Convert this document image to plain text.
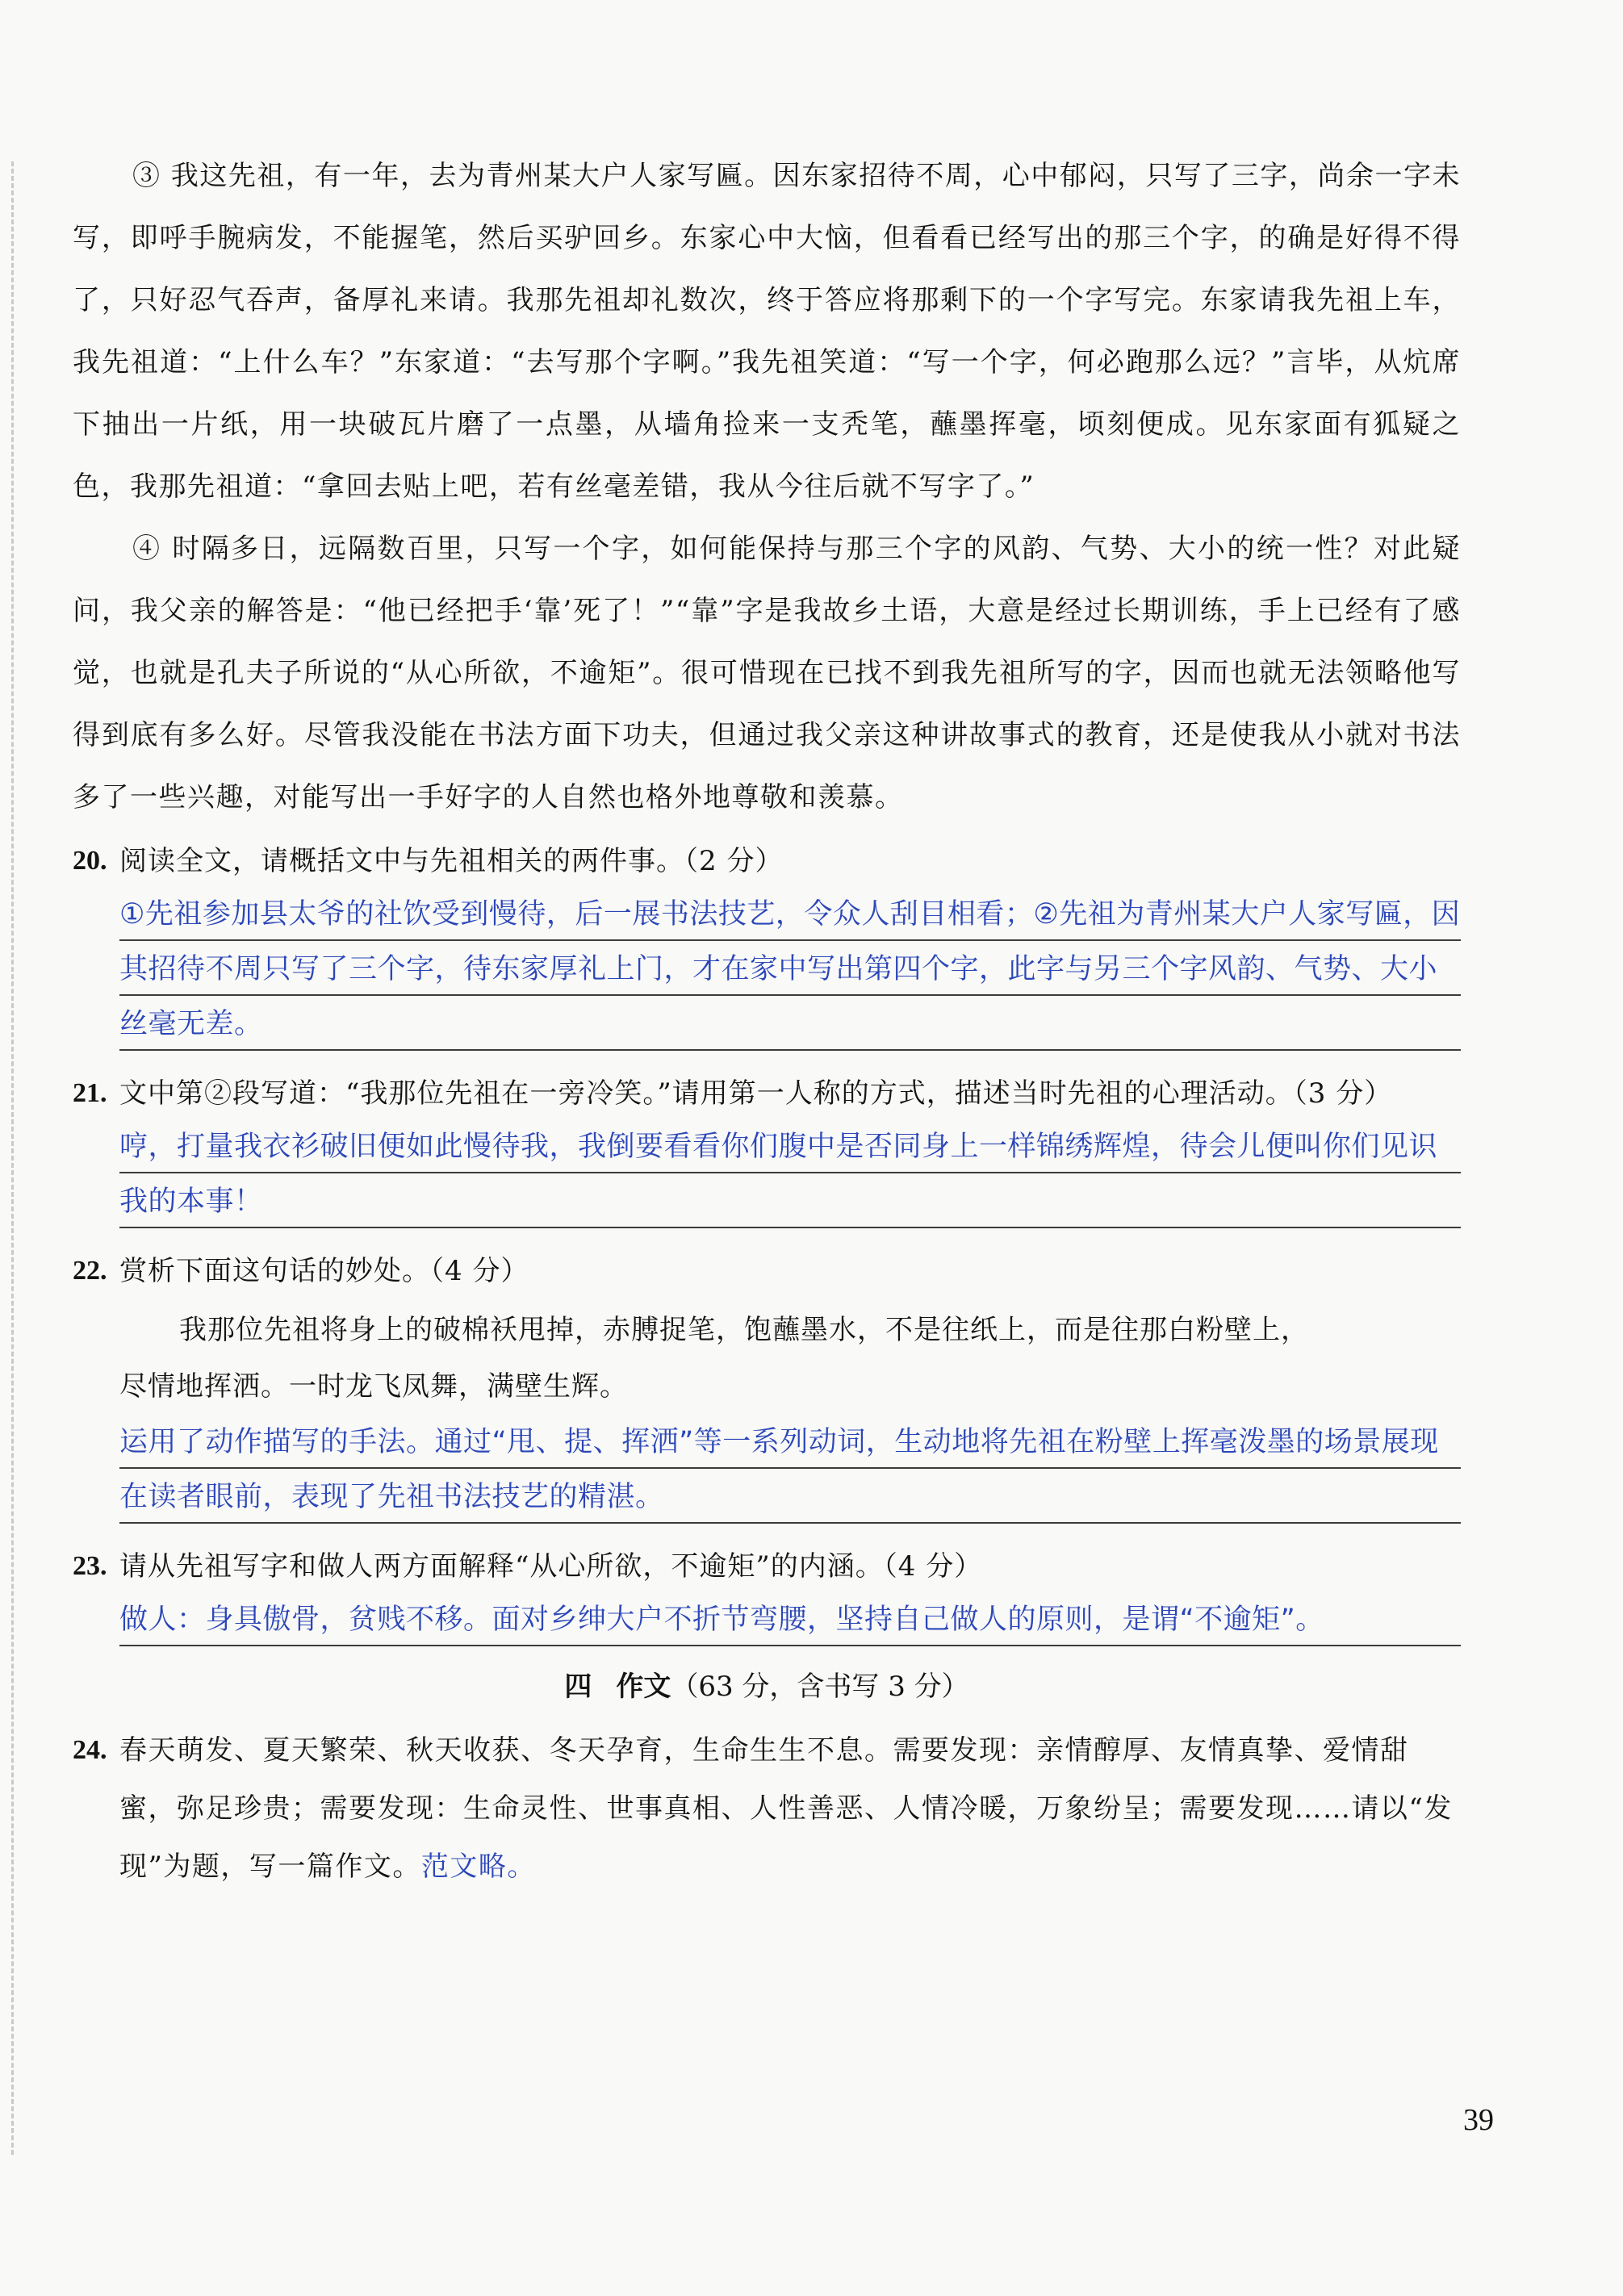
③ 我这先祖，有一年，去为青州某大户人家写匾。因东家招待不周，心中郁闷，只写了三字，尚余一字未写，即呼手腕病发，不能握笔，然后买驴回乡。东家心中大恼，但看看已经写出的那三个字，的确是好得不得了，只好忍气吞声，备厚礼来请。我那先祖却礼数次，终于答应将那剩下的一个字写完。东家请我先祖上车，我先祖道：“上什么车？”东家道：“去写那个字啊。”我先祖笑道：“写一个字，何必跑那么远？”言毕，从炕席下抽出一片纸，用一块破瓦片磨了一点墨，从墙角捡来一支秃笔，蘸墨挥毫，顷刻便成。见东家面有狐疑之色，我那先祖道：“拿回去贴上吧，若有丝毫差错，我从今往后就不写字了。”

④ 时隔多日，远隔数百里，只写一个字，如何能保持与那三个字的风韵、气势、大小的统一性？对此疑问，我父亲的解答是：“他已经把手‘靠’死了！”“靠”字是我故乡土语，大意是经过长期训练，手上已经有了感觉，也就是孔夫子所说的“从心所欲，不逾矩”。很可惜现在已找不到我先祖所写的字，因而也就无法领略他写得到底有多么好。尽管我没能在书法方面下功夫，但通过我父亲这种讲故事式的教育，还是使我从小就对书法多了一些兴趣，对能写出一手好字的人自然也格外地尊敬和羡慕。

20. 阅读全文，请概括文中与先祖相关的两件事。（2 分）

①先祖参加县太爷的社饮受到慢待，后一展书法技艺，令众人刮目相看；②先祖为青州某大户人家写匾，因其招待不周只写了三个字，待东家厚礼上门，才在家中写出第四个字，此字与另三个字风韵、气势、大小丝毫无差。

21. 文中第②段写道：“我那位先祖在一旁冷笑。”请用第一人称的方式，描述当时先祖的心理活动。（3 分）

哼，打量我衣衫破旧便如此慢待我，我倒要看看你们腹中是否同身上一样锦绣辉煌，待会儿便叫你们见识我的本事！

22. 赏析下面这句话的妙处。（4 分）

我那位先祖将身上的破棉袄甩掉，赤膊捉笔，饱蘸墨水，不是往纸上，而是往那白粉壁上，

尽情地挥洒。一时龙飞凤舞，满壁生辉。

运用了动作描写的手法。通过“甩、提、挥洒”等一系列动词，生动地将先祖在粉壁上挥毫泼墨的场景展现在读者眼前，表现了先祖书法技艺的精湛。

23. 请从先祖写字和做人两方面解释“从心所欲，不逾矩”的内涵。（4 分）

做人：身具傲骨，贫贱不移。面对乡绅大户不折节弯腰，坚持自己做人的原则，是谓“不逾矩”。

四 作文（63 分，含书写 3 分）
24. 春天萌发、夏天繁荣、秋天收获、冬天孕育，生命生生不息。需要发现：亲情醇厚、友情真挚、爱情甜蜜，弥足珍贵；需要发现：生命灵性、世事真相、人性善恶、人情冷暖，万象纷呈；需要发现……请以“发现”为题，写一篇作文。范文略。

39
